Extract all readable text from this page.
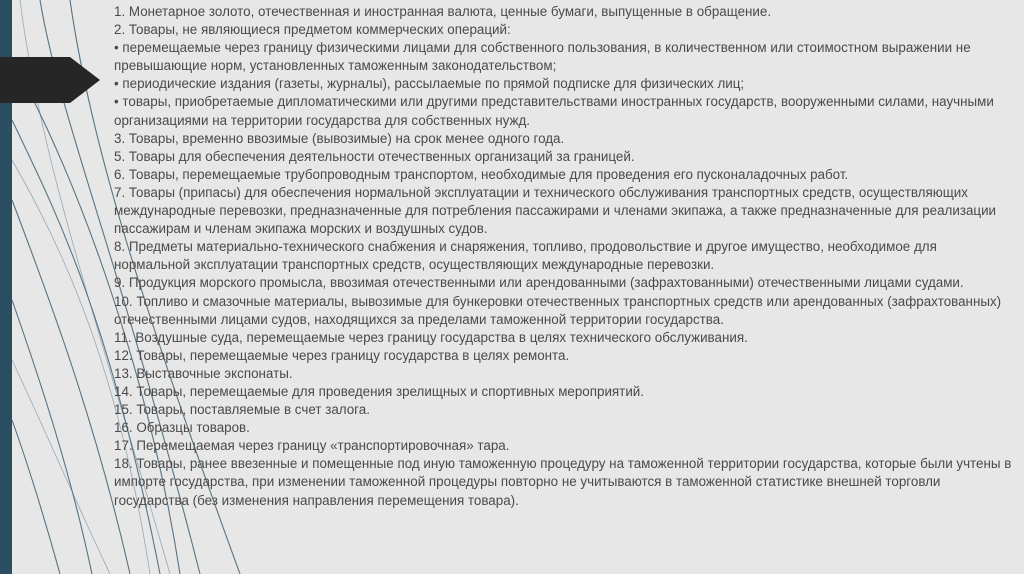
1. Монетарное золото, отечественная и иностранная валюта, ценные бумаги, выпущенные в обращение.

2. Товары, не являющиеся предметом коммерческих операций:

• перемещаемые через границу физическими лицами для собственного пользования, в количественном или стоимостном выражении не превышающие норм, установленных таможенным законодательством;

• периодические издания (газеты, журналы), рассылаемые по прямой подписке для физических лиц;

• товары, приобретаемые дипломатическими или другими представительствами иностранных государств, вооруженными силами, научными организациями на территории государства для собственных нужд.

3. Товары, временно ввозимые (вывозимые) на срок менее одного года.

5. Товары для обеспечения деятельности отечественных организаций за границей.

6. Товары, перемещаемые трубопроводным транспортом, необходимые для проведения его пусконаладочных работ.

7. Товары (припасы) для обеспечения нормальной эксплуатации и технического обслуживания транспортных средств, осуществляющих международные перевозки, предназначенные для потребления пассажирами и членами экипажа, а также предназначенные для реализации пассажирам и членам экипажа морских и воздушных судов.

8. Предметы материально-технического снабжения и снаряжения, топливо, продовольствие и другое имущество, необходимое для нормальной эксплуатации транспортных средств, осуществляющих международные перевозки.

9. Продукция морского промысла, ввозимая отечественными или арендованными (зафрахтованными) отечественными лицами судами.

10. Топливо и смазочные материалы, вывозимые для бункеровки отечественных транспортных средств или арендованных (зафрахтованных) отечественными лицами судов, находящихся за пределами таможенной территории государства.

11. Воздушные суда, перемещаемые через границу государства в целях технического обслуживания.

12. Товары, перемещаемые через границу государства в целях ремонта.

13. Выставочные экспонаты.

14. Товары, перемещаемые для проведения зрелищных и спортивных мероприятий.

15. Товары, поставляемые в счет залога.

16. Образцы товаров.

17. Перемещаемая через границу «транспортировочная» тара.

18. Товары, ранее ввезенные и помещенные под иную таможенную процедуру на таможенной территории государства, которые были учтены в импорте государства, при изменении таможенной процедуры повторно не учитываются в таможенной статистике внешней торговли государства (без изменения направления перемещения товара).
